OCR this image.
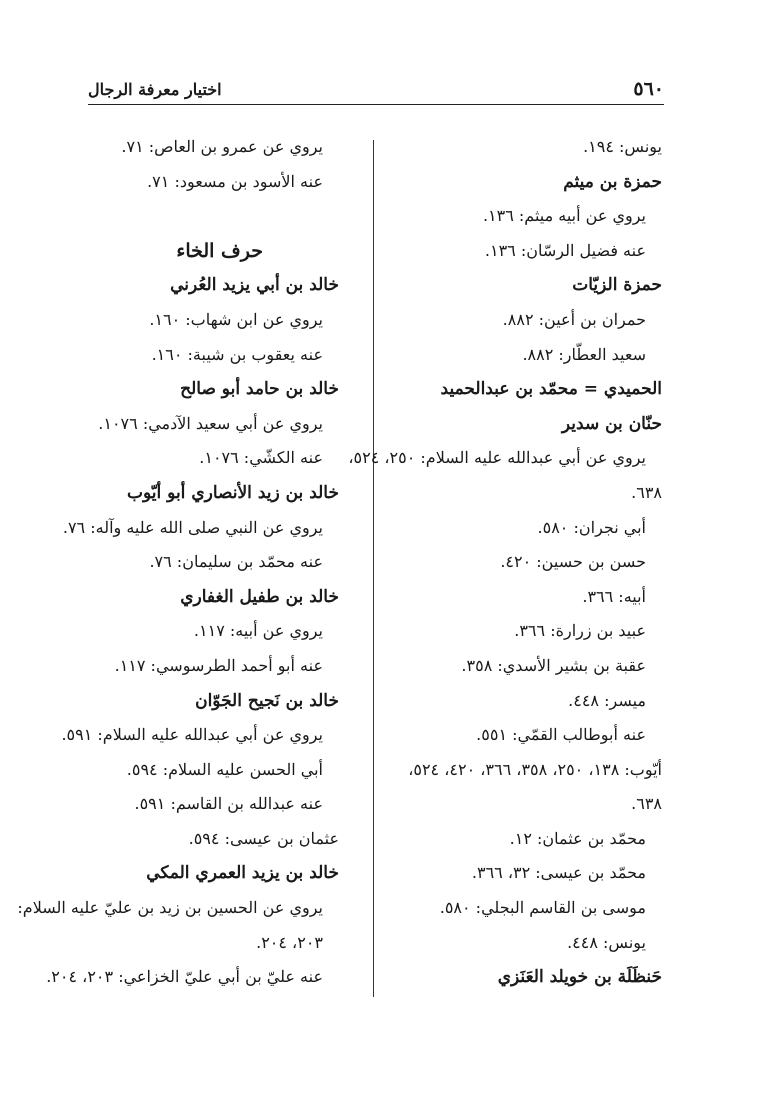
٥٦٠
اختيار معرفة الرجال
يونس: ١٩٤.
حمزة بن ميثم
يروي عن أبيه ميثم: ١٣٦.
عنه فضيل الرسّان: ١٣٦.
حمزة الزيّات
حمران بن أعين: ٨٨٢.
سعيد العطّار: ٨٨٢.
الحميدي = محمّد بن عبدالحميد
حنّان بن سدير
يروي عن أبي عبدالله عليه السلام: ٢٥٠، ٥٢٤،
٦٣٨.
أبي نجران: ٥٨٠.
حسن بن حسين: ٤٢٠.
أبيه: ٣٦٦.
عبيد بن زرارة: ٣٦٦.
عقبة بن بشير الأسدي: ٣٥٨.
ميسر: ٤٤٨.
عنه أبوطالب القمّي: ٥٥١.
أيّوب: ١٣٨، ٢٥٠، ٣٥٨، ٣٦٦، ٤٢٠، ٥٢٤،
٦٣٨.
محمّد بن عثمان: ١٢.
محمّد بن عيسى: ٣٢، ٣٦٦.
موسى بن القاسم البجلي: ٥٨٠.
يونس: ٤٤٨.
حَنظَلَة بن خويلد العَنَزي
يروي عن عمرو بن العاص: ٧١.
عنه الأسود بن مسعود: ٧١.
حرف الخاء
خالد بن أبي يزيد العُرني
يروي عن ابن شهاب: ١٦٠.
عنه يعقوب بن شيبة: ١٦٠.
خالد بن حامد أبو صالح
يروي عن أبي سعيد الآدمي: ١٠٧٦.
عنه الكشّي: ١٠٧٦.
خالد بن زيد الأنصاري أبو أيّوب
يروي عن النبي صلى الله عليه وآله: ٧٦.
عنه محمّد بن سليمان: ٧٦.
خالد بن طفيل الغفاري
يروي عن أبيه: ١١٧.
عنه أبو أحمد الطرسوسي: ١١٧.
خالد بن نَجيح الجَوّان
يروي عن أبي عبدالله عليه السلام: ٥٩١.
أبي الحسن عليه السلام: ٥٩٤.
عنه عبدالله بن القاسم: ٥٩١.
عثمان بن عيسى: ٥٩٤.
خالد بن يزيد العمري المكي
يروي عن الحسين بن زيد بن عليّ عليه السلام:
٢٠٣، ٢٠٤.
عنه عليّ بن أبي عليّ الخزاعي: ٢٠٣، ٢٠٤.
